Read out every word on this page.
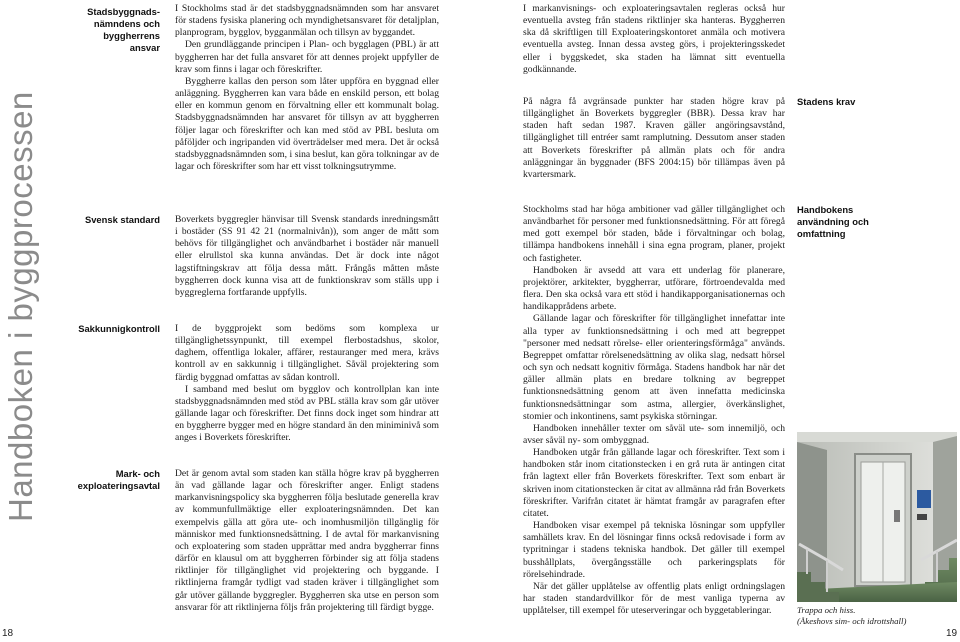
Handboken i byggprocessen
Stadsbyggnads-
nämndens och
byggherrens
ansvar
Svensk standard
Sakkunnigkontroll
Mark- och
exploateringsavtal

I Stockholms stad är det stadsbyggnadsnämnden som har ansvaret för stadens fysiska planering och myndighetsansvaret för detaljplan, planprogram, bygglov, bygganmälan och tillsyn av byggandet.

Den grundläggande principen i Plan- och bygglagen (PBL) är att byggherren har det fulla ansvaret för att dennes projekt uppfyller de krav som finns i lagar och föreskrifter.

Byggherre kallas den person som låter uppföra en byggnad eller anläggning. Byggherren kan vara både en enskild person, ett bolag eller en kommun genom en förvaltning eller ett kommunalt bolag. Stadsbyggnadsnämnden har ansvaret för tillsyn av att byggherren följer lagar och föreskrifter och kan med stöd av PBL besluta om påföljder och ingripanden vid överträdelser med mera. Det är också stadsbyggnadsnämnden som, i sina beslut, kan göra tolkningar av de lagar och föreskrifter som har ett visst tolkningsutrymme.

Boverkets byggregler hänvisar till Svensk standards inredningsmått i bostäder (SS 91 42 21 (normalnivån)), som anger de mått som behövs för tillgänglighet och användbarhet i bostäder när manuell eller elrullstol ska kunna användas. Det är dock inte något lagstiftningskrav att följa dessa mått. Frångås måtten måste byggherren dock kunna visa att de funktionskrav som ställs upp i byggreglerna fortfarande uppfylls.

I de byggprojekt som bedöms som komplexa ur tillgänglighetssynpunkt, till exempel flerbostadshus, skolor, daghem, offentliga lokaler, affärer, restauranger med mera, krävs kontroll av en sakkunnig i tillgänglighet. Såväl projektering som färdig byggnad omfattas av sådan kontroll.

I samband med beslut om bygglov och kontrollplan kan inte stadsbyggnadsnämnden med stöd av PBL ställa krav som går utöver gällande lagar och föreskrifter. Det finns dock inget som hindrar att en byggherre bygger med en högre standard än den miniminivå som anges i Boverkets föreskrifter.

Det är genom avtal som staden kan ställa högre krav på byggherren än vad gällande lagar och föreskrifter anger. Enligt stadens markanvisningspolicy ska byggherren följa beslutade generella krav av kommunfullmäktige eller exploateringsnämnden. Det kan exempelvis gälla att göra ute- och inomhusmiljön tillgänglig för människor med funktionsnedsättning. I de avtal för markanvisning och exploatering som staden upprättar med andra byggherrar finns därför en klausul om att byggherren förbinder sig att följa stadens riktlinjer för tillgänglighet vid projektering och byggande. I riktlinjerna framgår tydligt vad staden kräver i tillgänglighet som går utöver gällande byggregler. Byggherren ska utse en person som ansvarar för att riktlinjerna följs från projektering till färdigt bygge.

18

I markanvisnings- och exploateringsavtalen regleras också hur eventuella avsteg från stadens riktlinjer ska hanteras. Byggherren ska då skriftligen till Exploateringskontoret anmäla och motivera eventuella avsteg. Innan dessa avsteg görs, i projekteringsskedet eller i byggskedet, ska staden ha lämnat sitt eventuella godkännande.

Stadens krav

På några få avgränsade punkter har staden högre krav på tillgänglighet än Boverkets byggregler (BBR). Dessa krav har staden haft sedan 1987. Kraven gäller angöringsavstånd, tillgänglighet till entréer samt ramplutning. Dessutom anser staden att Boverkets föreskrifter på allmän plats och för andra anläggningar än byggnader (BFS 2004:15) bör tillämpas även på kvartersmark.

Handbokens
användning och
omfattning

Stockholms stad har höga ambitioner vad gäller tillgänglighet och användbarhet för personer med funktionsnedsättning. För att föregå med gott exempel bör staden, både i förvaltningar och bolag, tillämpa handbokens innehåll i sina egna program, planer, projekt och fastigheter.

Handboken är avsedd att vara ett underlag för planerare, projektörer, arkitekter, byggherrar, utförare, förtroendevalda med flera. Den ska också vara ett stöd i handikapporganisationernas och handikapprådens arbete.

Gällande lagar och föreskrifter för tillgänglighet innefattar inte alla typer av funktionsnedsättning i och med att begreppet "personer med nedsatt rörelse- eller orienteringsförmåga" används. Begreppet omfattar rörelsenedsättning av olika slag, nedsatt hörsel och syn och nedsatt kognitiv förmåga. Stadens handbok har när det gäller allmän plats en bredare tolkning av begreppet funktionsnedsättning genom att även innefatta medicinska funktionsnedsättningar som astma, allergier, överkänslighet, stomier och inkontinens, samt psykiska störningar.

Handboken innehåller texter om såväl ute- som innemiljö, och avser såväl ny- som ombyggnad.

Handboken utgår från gällande lagar och föreskrifter. Text som i handboken står inom citationstecken i en grå ruta är antingen citat från lagtext eller från Boverkets föreskrifter. Text som enbart är skriven inom citationstecken är citat av allmänna råd från Boverkets föreskrifter. Varifrån citatet är hämtat framgår av paragrafen efter citatet.

Handboken visar exempel på tekniska lösningar som uppfyller samhällets krav. En del lösningar finns också redovisade i form av typritningar i stadens tekniska handbok. Det gäller till exempel busshållplats, övergångsställe och parkeringsplats för rörelsehindrade.

När det gäller upplåtelse av offentlig plats enligt ordningslagen har staden standardvillkor för de mest vanliga typerna av upplåtelser, till exempel för uteserveringar och byggetableringar.	Trappa och hiss.
(Åkeshovs sim- och idrottshall)
19
